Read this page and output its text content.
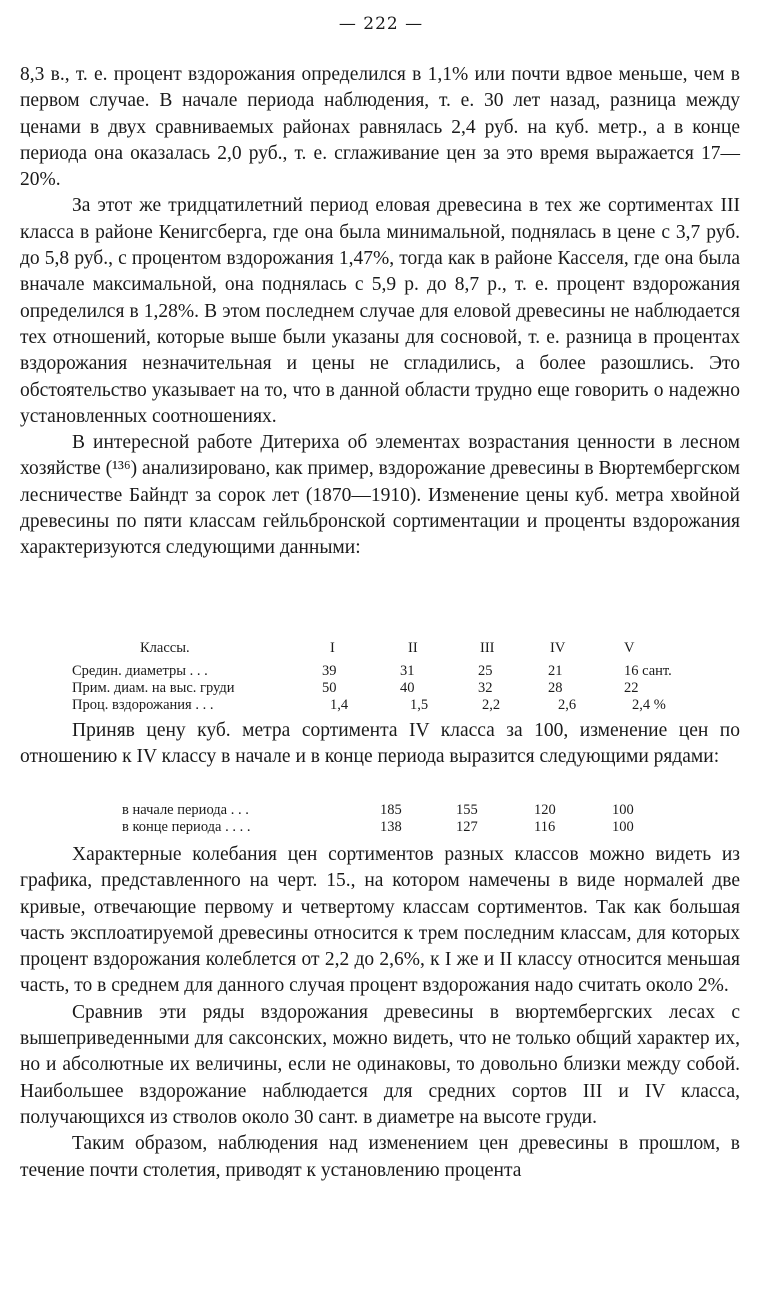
— 222 —

8,3 в., т. е. процент вздорожания определился в 1,1% или почти вдвое меньше, чем в первом случае. В начале периода наблюдения, т. е. 30 лет назад, разница между ценами в двух сравниваемых районах равнялась 2,4 руб. на куб. метр., а в конце периода она оказалась 2,0 руб., т. е. сглаживание цен за это время выражается 17—20%.

За этот же тридцатилетний период еловая древесина в тех же сортиментах III класса в районе Кенигсберга, где она была минимальной, поднялась в цене с 3,7 руб. до 5,8 руб., с процентом вздорожания 1,47%, тогда как в районе Касселя, где она была вначале максимальной, она поднялась с 5,9 р. до 8,7 р., т. е. процент вздорожания определился в 1,28%. В этом последнем случае для еловой древесины не наблюдается тех отношений, которые выше были указаны для сосновой, т. е. разница в процентах вздорожания незначительная и цены не сгладились, а более разошлись. Это обстоятельство указывает на то, что в данной области трудно еще говорить о надежно установленных соотношениях.

В интересной работе Дитериха об элементах возрастания ценности в лесном хозяйстве (¹³⁶) анализировано, как пример, вздорожание древесины в Вюртембергском лесничестве Байндт за сорок лет (1870—1910). Изменение цены куб. метра хвойной древесины по пяти классам гейльбронской сортиментации и проценты вздорожания характеризуются следующими данными:

Классы.	I	II	III	IV	V
Средин. диаметры . . .	39	31	25	21	16 сант.
Прим. диам. на выс. груди	50	40	32	28	22
Проц. вздорожания . . .	1,4	1,5	2,2	2,6	2,4 %

Приняв цену куб. метра сортимента IV класса за 100, изменение цен по отношению к IV классу в начале и в конце периода выразится следующими рядами:

в начале периода . . .	185	155	120	100
в конце периода . . . .	138	127	116	100

Характерные колебания цен сортиментов разных классов можно видеть из графика, представленного на черт. 15., на котором намечены в виде нормалей две кривые, отвечающие первому и четвертому классам сортиментов. Так как большая часть эксплоатируемой древесины относится к трем последним классам, для которых процент вздорожания колеблется от 2,2 до 2,6%, к I же и II классу относится меньшая часть, то в среднем для данного случая процент вздорожания надо считать около 2%.

Сравнив эти ряды вздорожания древесины в вюртембергских лесах с вышеприведенными для саксонских, можно видеть, что не только общий характер их, но и абсолютные их величины, если не одинаковы, то довольно близки между собой. Наибольшее вздорожание наблюдается для средних сортов III и IV класса, получающихся из стволов около 30 сант. в диаметре на высоте груди.

Таким образом, наблюдения над изменением цен древесины в прошлом, в течение почти столетия, приводят к установлению процента
